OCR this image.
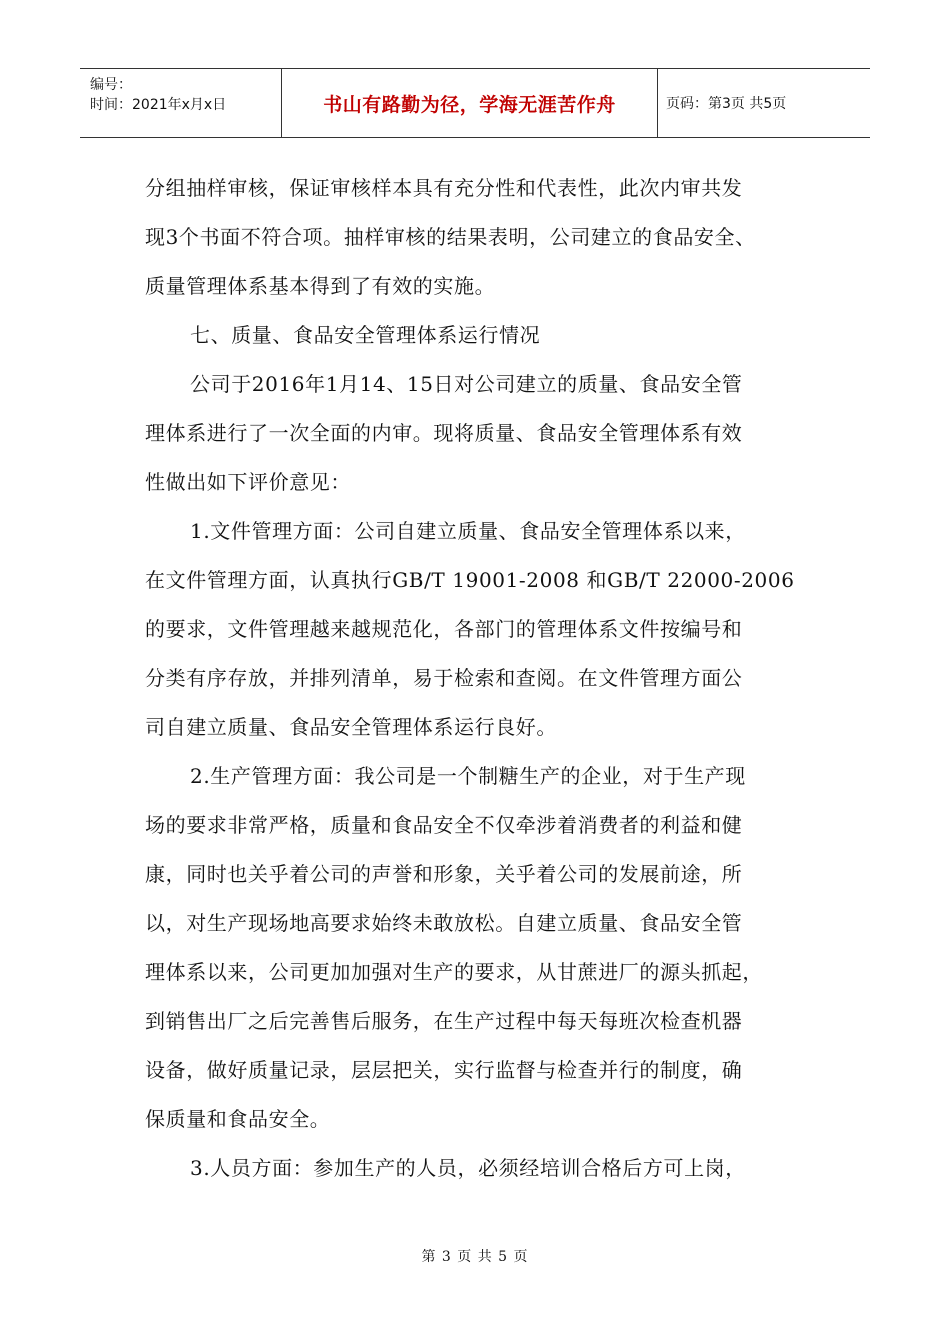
编号：
时间：2021年x月x日	书山有路勤为径，学海无涯苦作舟	页码：第3页 共5页

分组抽样审核，保证审核样本具有充分性和代表性，此次内审共发

现3个书面不符合项。抽样审核的结果表明，公司建立的食品安全、

质量管理体系基本得到了有效的实施。

七、质量、食品安全管理体系运行情况

公司于2016年1月14、15日对公司建立的质量、食品安全管

理体系进行了一次全面的内审。现将质量、食品安全管理体系有效

性做出如下评价意见：

1.文件管理方面：公司自建立质量、食品安全管理体系以来，

在文件管理方面，认真执行GB/T 19001-2008 和GB/T 22000-2006

的要求，文件管理越来越规范化，各部门的管理体系文件按编号和

分类有序存放，并排列清单，易于检索和查阅。在文件管理方面公

司自建立质量、食品安全管理体系运行良好。

2.生产管理方面：我公司是一个制糖生产的企业，对于生产现

场的要求非常严格，质量和食品安全不仅牵涉着消费者的利益和健

康，同时也关乎着公司的声誉和形象，关乎着公司的发展前途，所

以，对生产现场地高要求始终未敢放松。自建立质量、食品安全管

理体系以来，公司更加加强对生产的要求，从甘蔗进厂的源头抓起，

到销售出厂之后完善售后服务，在生产过程中每天每班次检查机器

设备，做好质量记录，层层把关，实行监督与检查并行的制度，确

保质量和食品安全。

3.人员方面：参加生产的人员，必须经培训合格后方可上岗，

第 3 页 共 5 页
